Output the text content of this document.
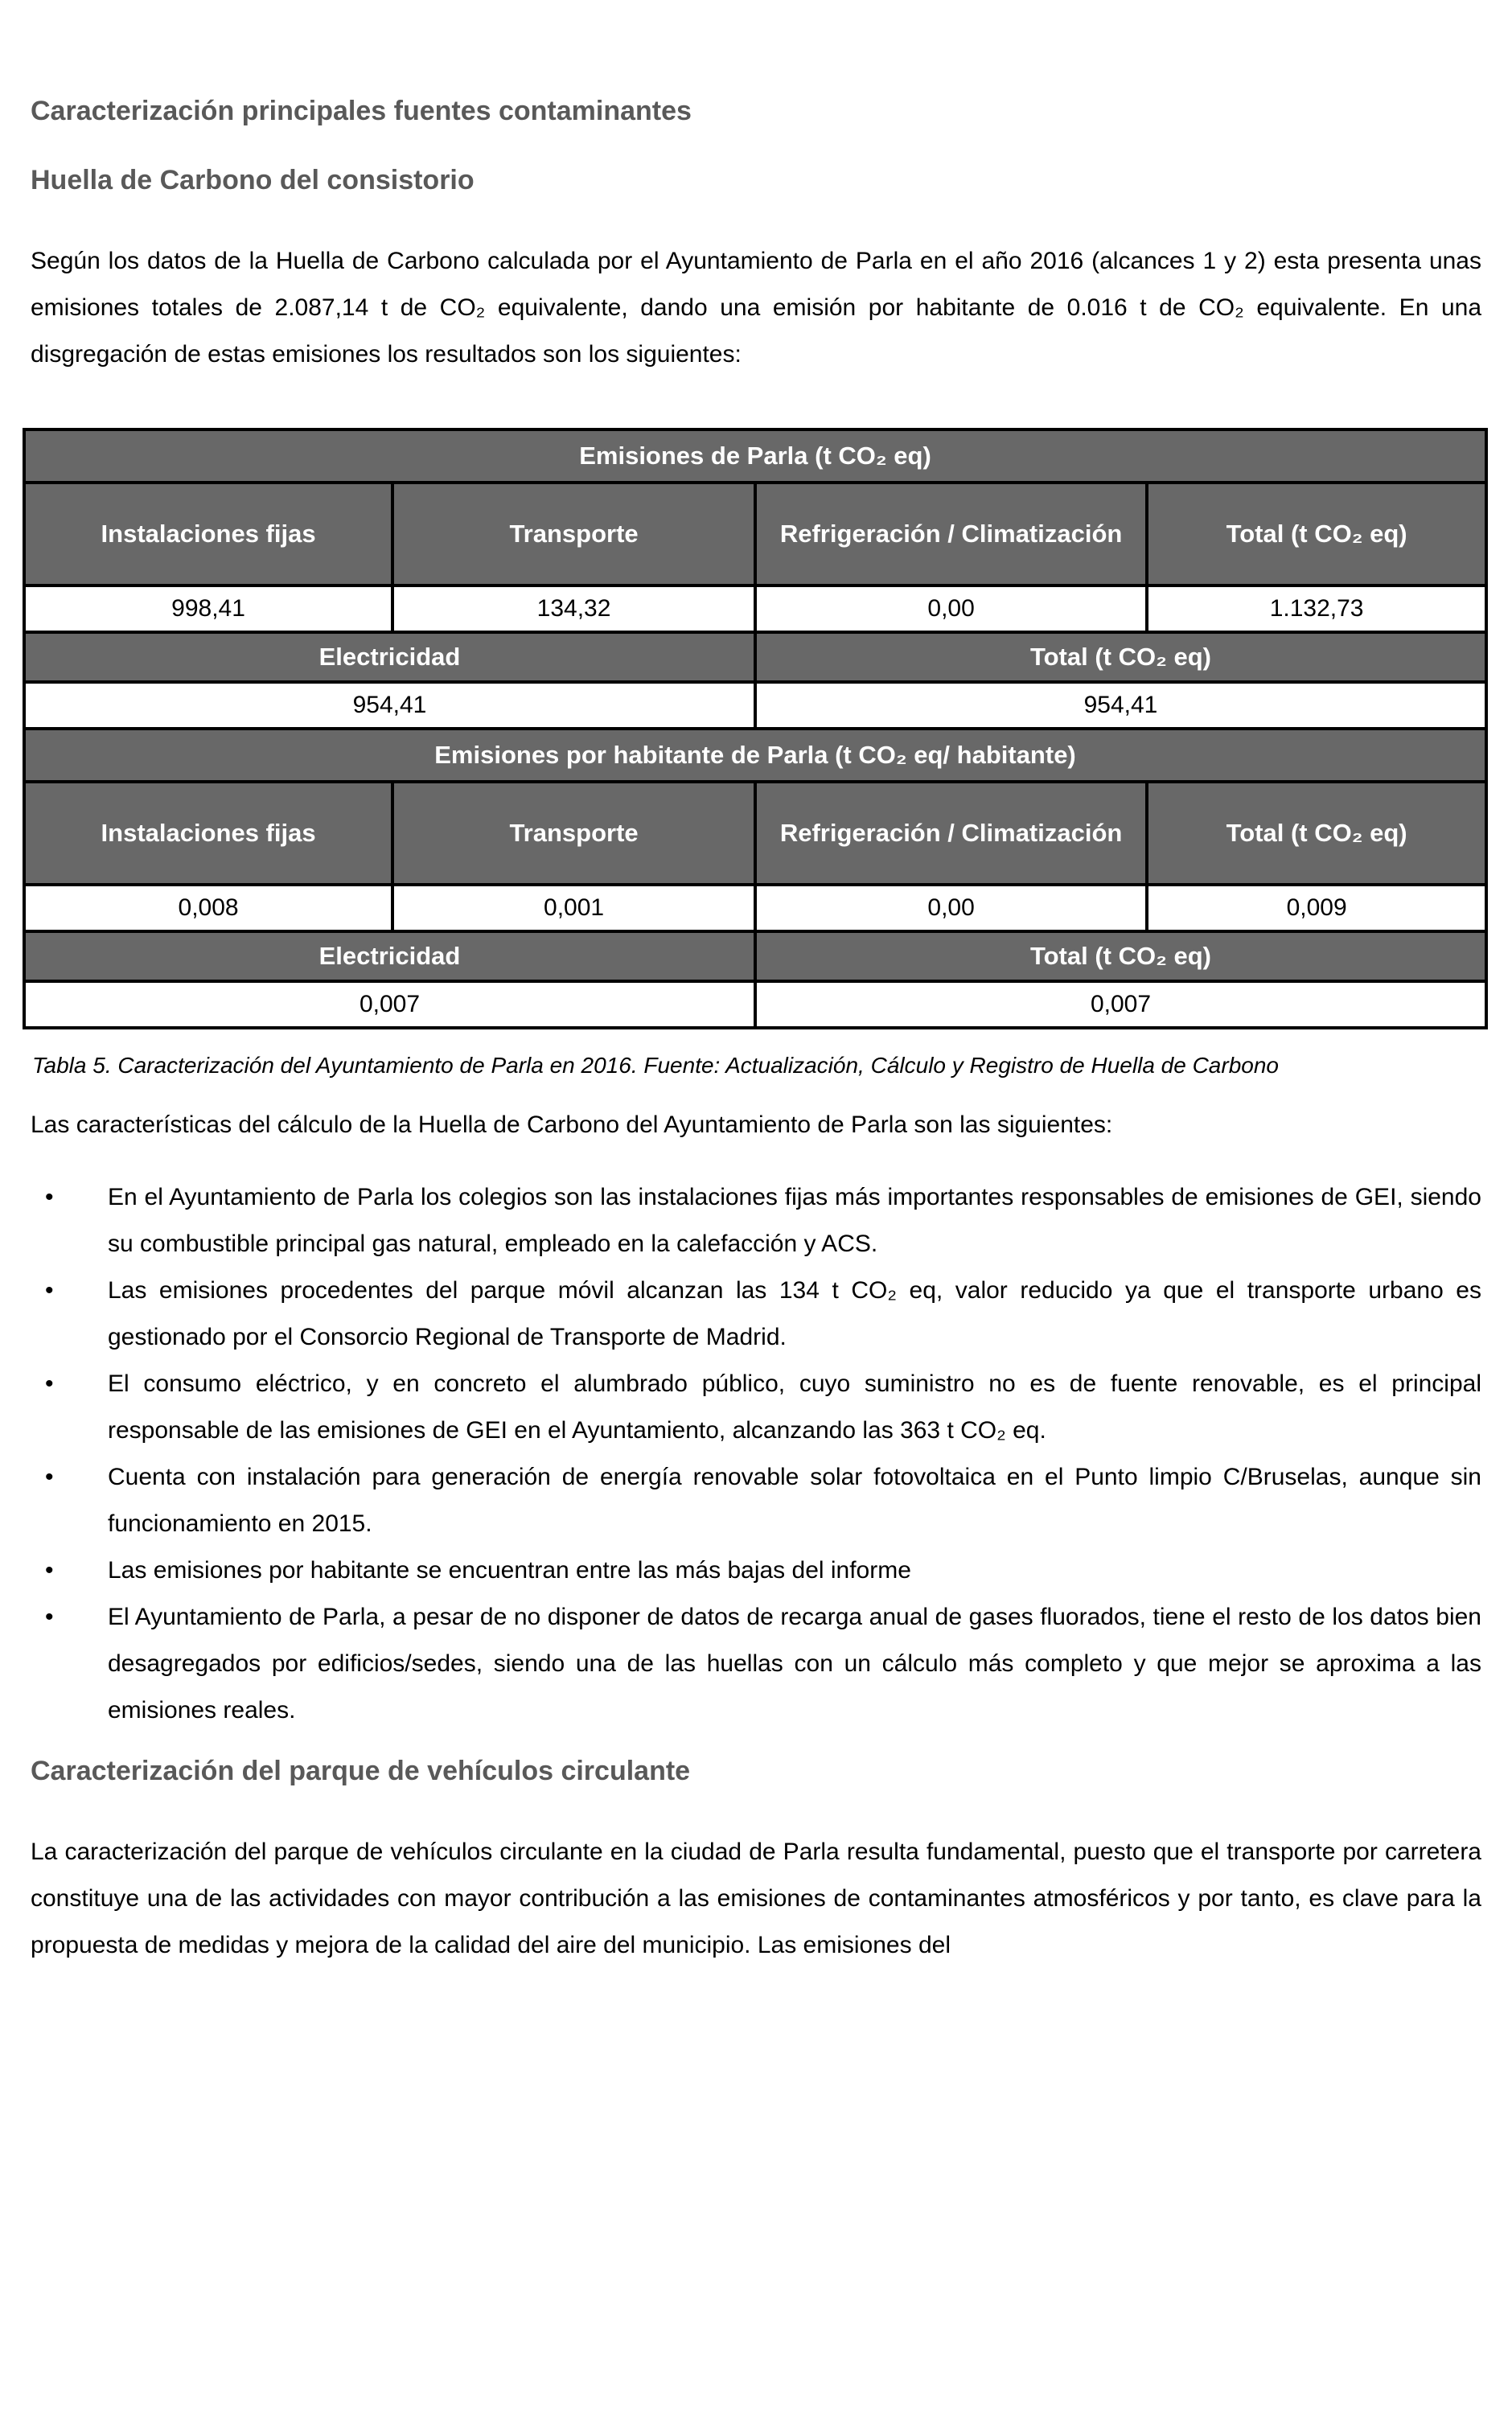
Caracterización principales fuentes contaminantes
Huella de Carbono del consistorio

Según los datos de la Huella de Carbono calculada por el Ayuntamiento de Parla en el año 2016 (alcances 1 y 2) esta presenta unas emisiones totales de 2.087,14 t de CO₂ equivalente, dando una emisión por habitante de 0.016 t de CO₂ equivalente. En una disgregación de estas emisiones los resultados son los siguientes:

Emisiones de Parla (t CO₂ eq)			
Instalaciones fijas	Transporte	Refrigeración / Climatización	Total (t CO₂ eq)
998,41	134,32	0,00	1.132,73
Electricidad		Total (t CO₂ eq)	
954,41		954,41	
Emisiones por habitante de Parla (t CO₂ eq/ habitante)			
Instalaciones fijas	Transporte	Refrigeración / Climatización	Total (t CO₂ eq)
0,008	0,001	0,00	0,009
Electricidad		Total (t CO₂ eq)	
0,007		0,007	

Tabla 5. Caracterización del Ayuntamiento de Parla en 2016. Fuente: Actualización, Cálculo y Registro de Huella de Carbono

Las características del cálculo de la Huella de Carbono del Ayuntamiento de Parla son las siguientes:

• En el Ayuntamiento de Parla los colegios son las instalaciones fijas más importantes responsables de emisiones de GEI, siendo su combustible principal gas natural, empleado en la calefacción y ACS.
• Las emisiones procedentes del parque móvil alcanzan las 134 t CO₂ eq, valor reducido ya que el transporte urbano es gestionado por el Consorcio Regional de Transporte de Madrid.
• El consumo eléctrico, y en concreto el alumbrado público, cuyo suministro no es de fuente renovable, es el principal responsable de las emisiones de GEI en el Ayuntamiento, alcanzando las 363 t CO₂ eq.
• Cuenta con instalación para generación de energía renovable solar fotovoltaica en el Punto limpio C/Bruselas, aunque sin funcionamiento en 2015.
• Las emisiones por habitante se encuentran entre las más bajas del informe
• El Ayuntamiento de Parla, a pesar de no disponer de datos de recarga anual de gases fluorados, tiene el resto de los datos bien desagregados por edificios/sedes, siendo una de las huellas con un cálculo más completo y que mejor se aproxima a las emisiones reales.
Caracterización del parque de vehículos circulante

La caracterización del parque de vehículos circulante en la ciudad de Parla resulta fundamental, puesto que el transporte por carretera constituye una de las actividades con mayor contribución a las emisiones de contaminantes atmosféricos y por tanto, es clave para la propuesta de medidas y mejora de la calidad del aire del municipio. Las emisiones del
